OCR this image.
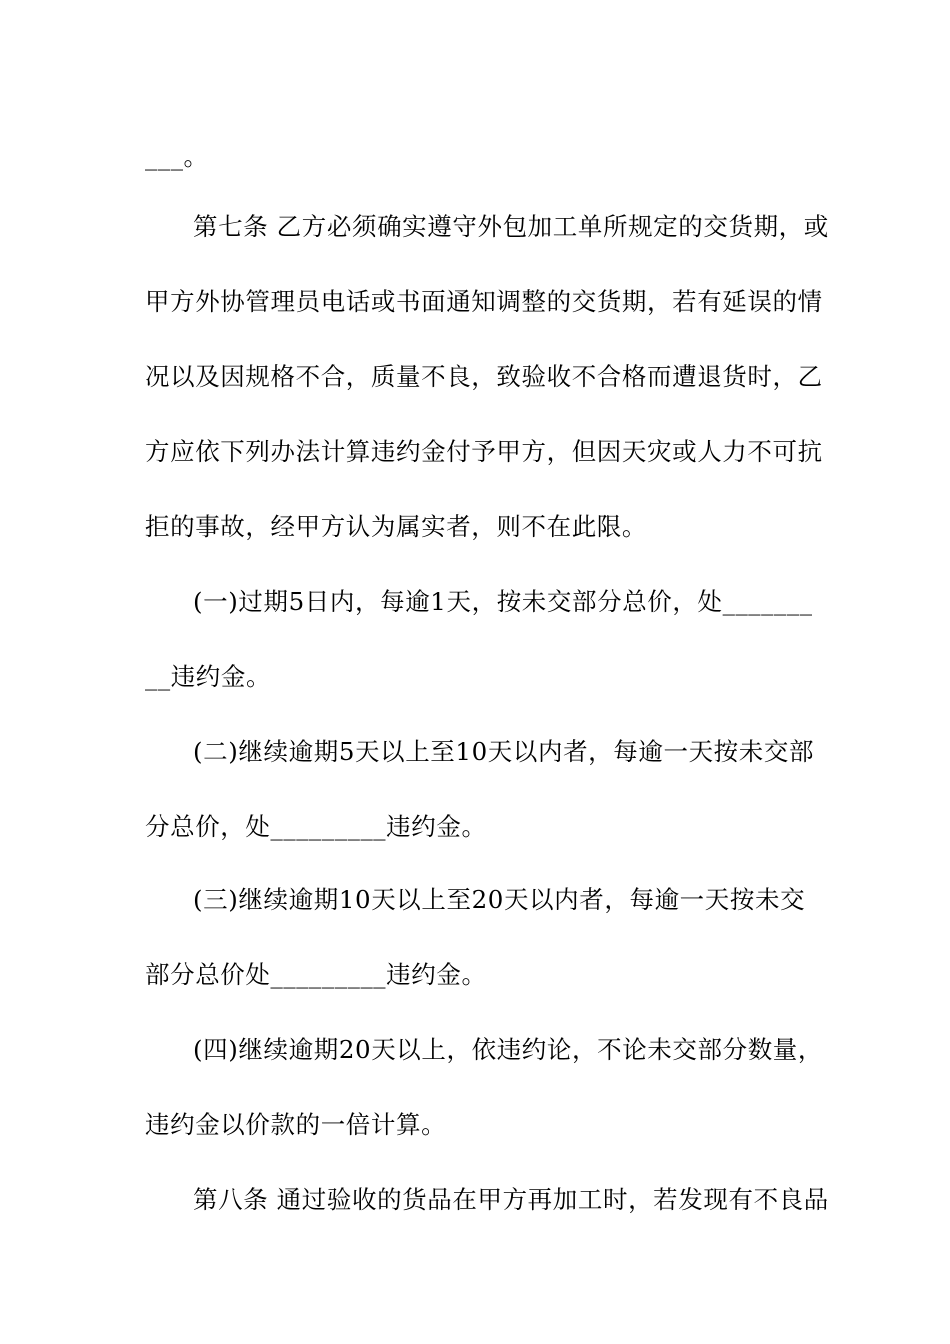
___。
第七条 乙方必须确实遵守外包加工单所规定的交货期，或
甲方外协管理员电话或书面通知调整的交货期，若有延误的情
况以及因规格不合，质量不良，致验收不合格而遭退货时，乙
方应依下列办法计算违约金付予甲方，但因天灾或人力不可抗
拒的事故，经甲方认为属实者，则不在此限。
(一)过期5日内，每逾1天，按未交部分总价，处_______
__违约金。
(二)继续逾期5天以上至10天以内者，每逾一天按未交部
分总价，处_________违约金。
(三)继续逾期10天以上至20天以内者，每逾一天按未交
部分总价处_________违约金。
(四)继续逾期20天以上，依违约论，不论未交部分数量，
违约金以价款的一倍计算。
第八条 通过验收的货品在甲方再加工时，若发现有不良品
